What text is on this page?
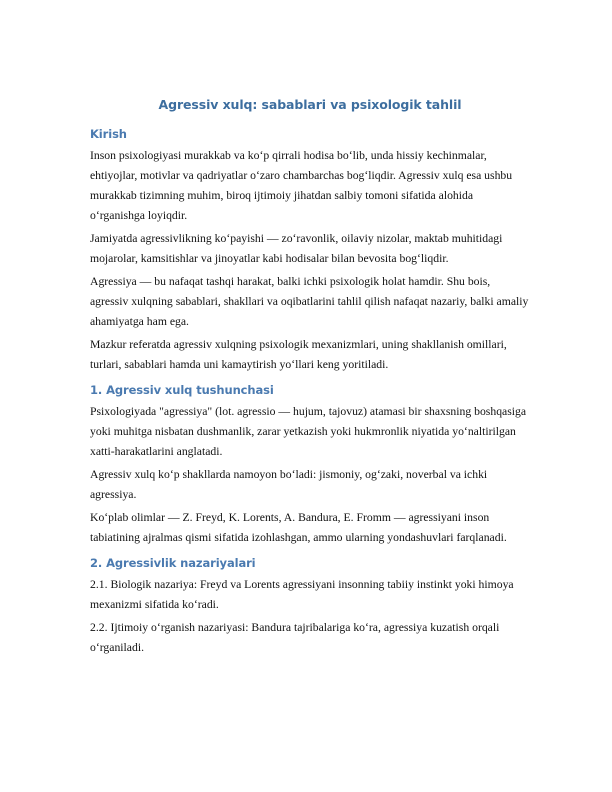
Agressiv xulq: sabablari va psixologik tahlil
Kirish

Inson psixologiyasi murakkab va ko‘p qirrali hodisa bo‘lib, unda hissiy kechinmalar, ehtiyojlar, motivlar va qadriyatlar o‘zaro chambarchas bog‘liqdir. Agressiv xulq esa ushbu murakkab tizimning muhim, biroq ijtimoiy jihatdan salbiy tomoni sifatida alohida o‘rganishga loyiqdir.

Jamiyatda agressivlikning ko‘payishi — zo‘ravonlik, oilaviy nizolar, maktab muhitidagi mojarolar, kamsitishlar va jinoyatlar kabi hodisalar bilan bevosita bog‘liqdir.

Agressiya — bu nafaqat tashqi harakat, balki ichki psixologik holat hamdir. Shu bois, agressiv xulqning sabablari, shakllari va oqibatlarini tahlil qilish nafaqat nazariy, balki amaliy ahamiyatga ham ega.

Mazkur referatda agressiv xulqning psixologik mexanizmlari, uning shakllanish omillari, turlari, sabablari hamda uni kamaytirish yo‘llari keng yoritiladi.

1. Agressiv xulq tushunchasi

Psixologiyada "agressiya" (lot. agressio — hujum, tajovuz) atamasi bir shaxsning boshqasiga yoki muhitga nisbatan dushmanlik, zarar yetkazish yoki hukmronlik niyatida yo‘naltirilgan xatti-harakatlarini anglatadi.

Agressiv xulq ko‘p shakllarda namoyon bo‘ladi: jismoniy, og‘zaki, noverbal va ichki agressiya.

Ko‘plab olimlar — Z. Freyd, K. Lorents, A. Bandura, E. Fromm — agressiyani inson tabiatining ajralmas qismi sifatida izohlashgan, ammo ularning yondashuvlari farqlanadi.

2. Agressivlik nazariyalari

2.1. Biologik nazariya: Freyd va Lorents agressiyani insonning tabiiy instinkt yoki himoya mexanizmi sifatida ko‘radi.

2.2. Ijtimoiy o‘rganish nazariyasi: Bandura tajribalariga ko‘ra, agressiya kuzatish orqali o‘rganiladi.
